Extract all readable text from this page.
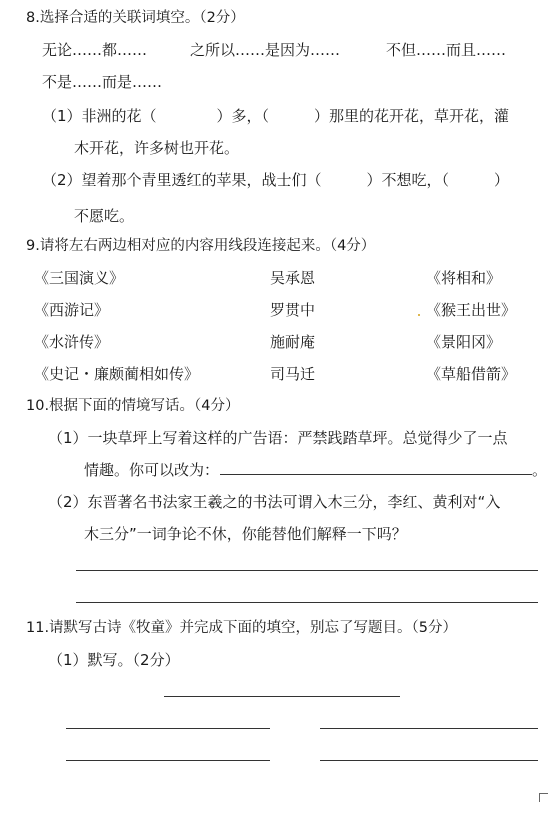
8.选择合适的关联词填空。（2分）
无论……都……	之所以……是因为……	不但……而且……
不是……而是……
（1）非洲的花（　　　　）多，（　　　）那里的花开花，草开花，灌
木开花，许多树也开花。
（2）望着那个青里透红的苹果，战士们（　　　）不想吃，（　　　）
不愿吃。
9.请将左右两边相对应的内容用线段连接起来。（4分）
《三国演义》	吴承恩	《将相和》
《西游记》	罗贯中	《猴王出世》
《水浒传》	施耐庵	《景阳冈》
《史记・廉颇蔺相如传》	司马迁	《草船借箭》
10.根据下面的情境写话。（4分）
（1）一块草坪上写着这样的广告语：严禁践踏草坪。总觉得少了一点
情趣。你可以改为：	。
（2）东晋著名书法家王羲之的书法可谓入木三分，李红、黄利对“入
木三分”一词争论不休，你能替他们解释一下吗？
11.请默写古诗《牧童》并完成下面的填空，别忘了写题目。（5分）
（1）默写。（2分）
